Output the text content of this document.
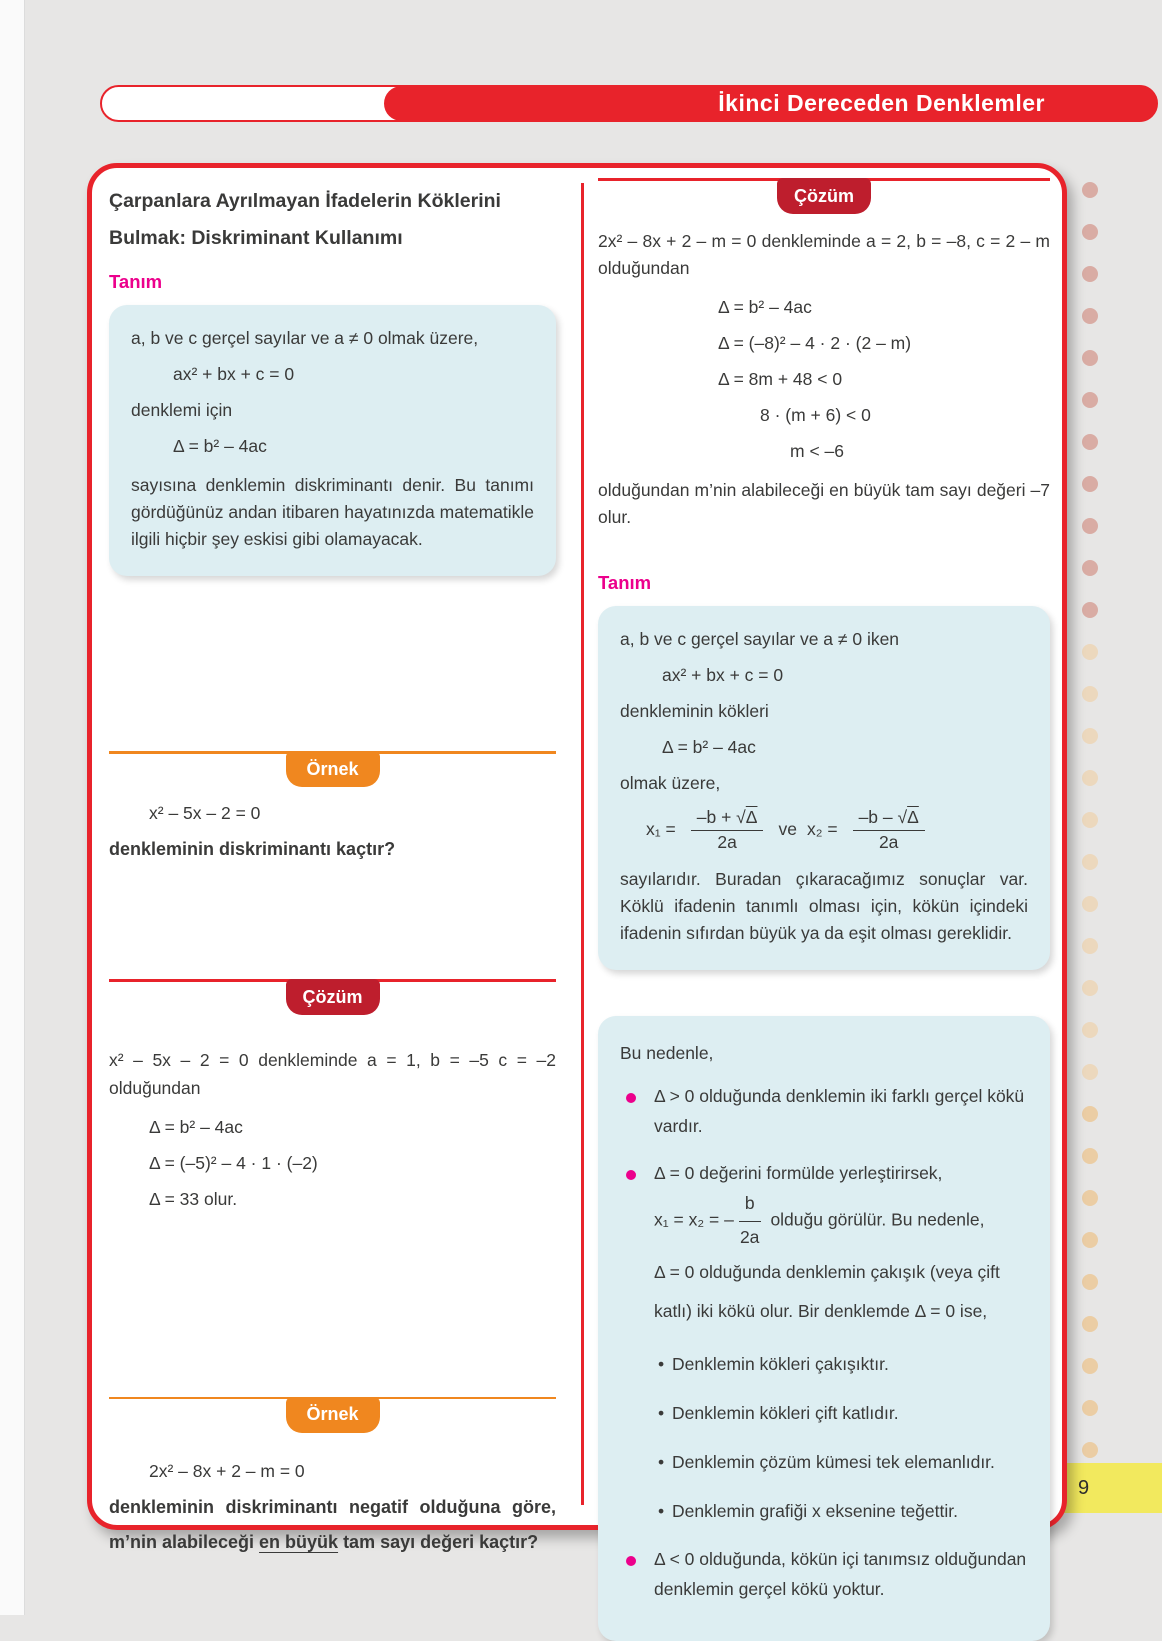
İkinci Dereceden Denklemler
9
Çarpanlara Ayrılmayan İfadelerin Köklerini
Bulmak: Diskriminant Kullanımı
Tanım
a, b ve c gerçel sayılar ve a ≠ 0 olmak üzere,
ax² + bx + c = 0
denklemi için
Δ = b² – 4ac
sayısına denklemin diskriminantı denir. Bu tanımı gördüğünüz andan itibaren hayatınızda matematikle ilgili hiçbir şey eskisi gibi olamayacak.
Örnek
x² – 5x – 2 = 0
denkleminin diskriminantı kaçtır?
Çözüm
x² – 5x – 2 = 0 denkleminde a = 1, b = –5 c = –2 olduğundan
Δ = b² – 4ac
Δ = (–5)² – 4 · 1 · (–2)
Δ = 33 olur.
Örnek
2x² – 8x + 2 – m = 0
denkleminin diskriminantı negatif olduğuna göre, m’nin alabileceği en büyük tam sayı değeri kaçtır?
Çözüm
2x² – 8x + 2 – m = 0 denkleminde a = 2, b = –8, c = 2 – m olduğundan
Δ = b² – 4ac
Δ = (–8)² – 4 · 2 · (2 – m)
Δ = 8m + 48 < 0
8 · (m + 6) < 0
m < –6
olduğundan m’nin alabileceği en büyük tam sayı değeri –7 olur.
Tanım
a, b ve c gerçel sayılar ve a ≠ 0 iken
ax² + bx + c = 0
denkleminin kökleri
Δ = b² – 4ac
olmak üzere,
$x_1 = \frac{-b + √\Delta}{2a}$ ve $x_2 = \frac{-b - √\Delta}{2a}$
sayılarıdır. Buradan çıkaracağımız sonuçlar var. Köklü ifadenin tanımlı olması için, kökün içindeki ifadenin sıfırdan büyük ya da eşit olması gereklidir.
Bu nedenle,
Δ > 0 olduğunda denklemin iki farklı gerçel kökü vardır.
Δ = 0 değerini formülde yerleştirirsek,
x₁ = x₂ = – $\frac{b}{2a}$ olduğu görülür. Bu nedenle,
Δ = 0 olduğunda denklemin çakışık (veya çift katlı) iki kökü olur. Bir denklemde Δ = 0 ise,
• Denklemin kökleri çakışıktır.
• Denklemin kökleri çift katlıdır.
• Denklemin çözüm kümesi tek elemanlıdır.
• Denklemin grafiği x eksenine teğettir.
Δ < 0 olduğunda, kökün içi tanımsız olduğundan denklemin gerçel kökü yoktur.
